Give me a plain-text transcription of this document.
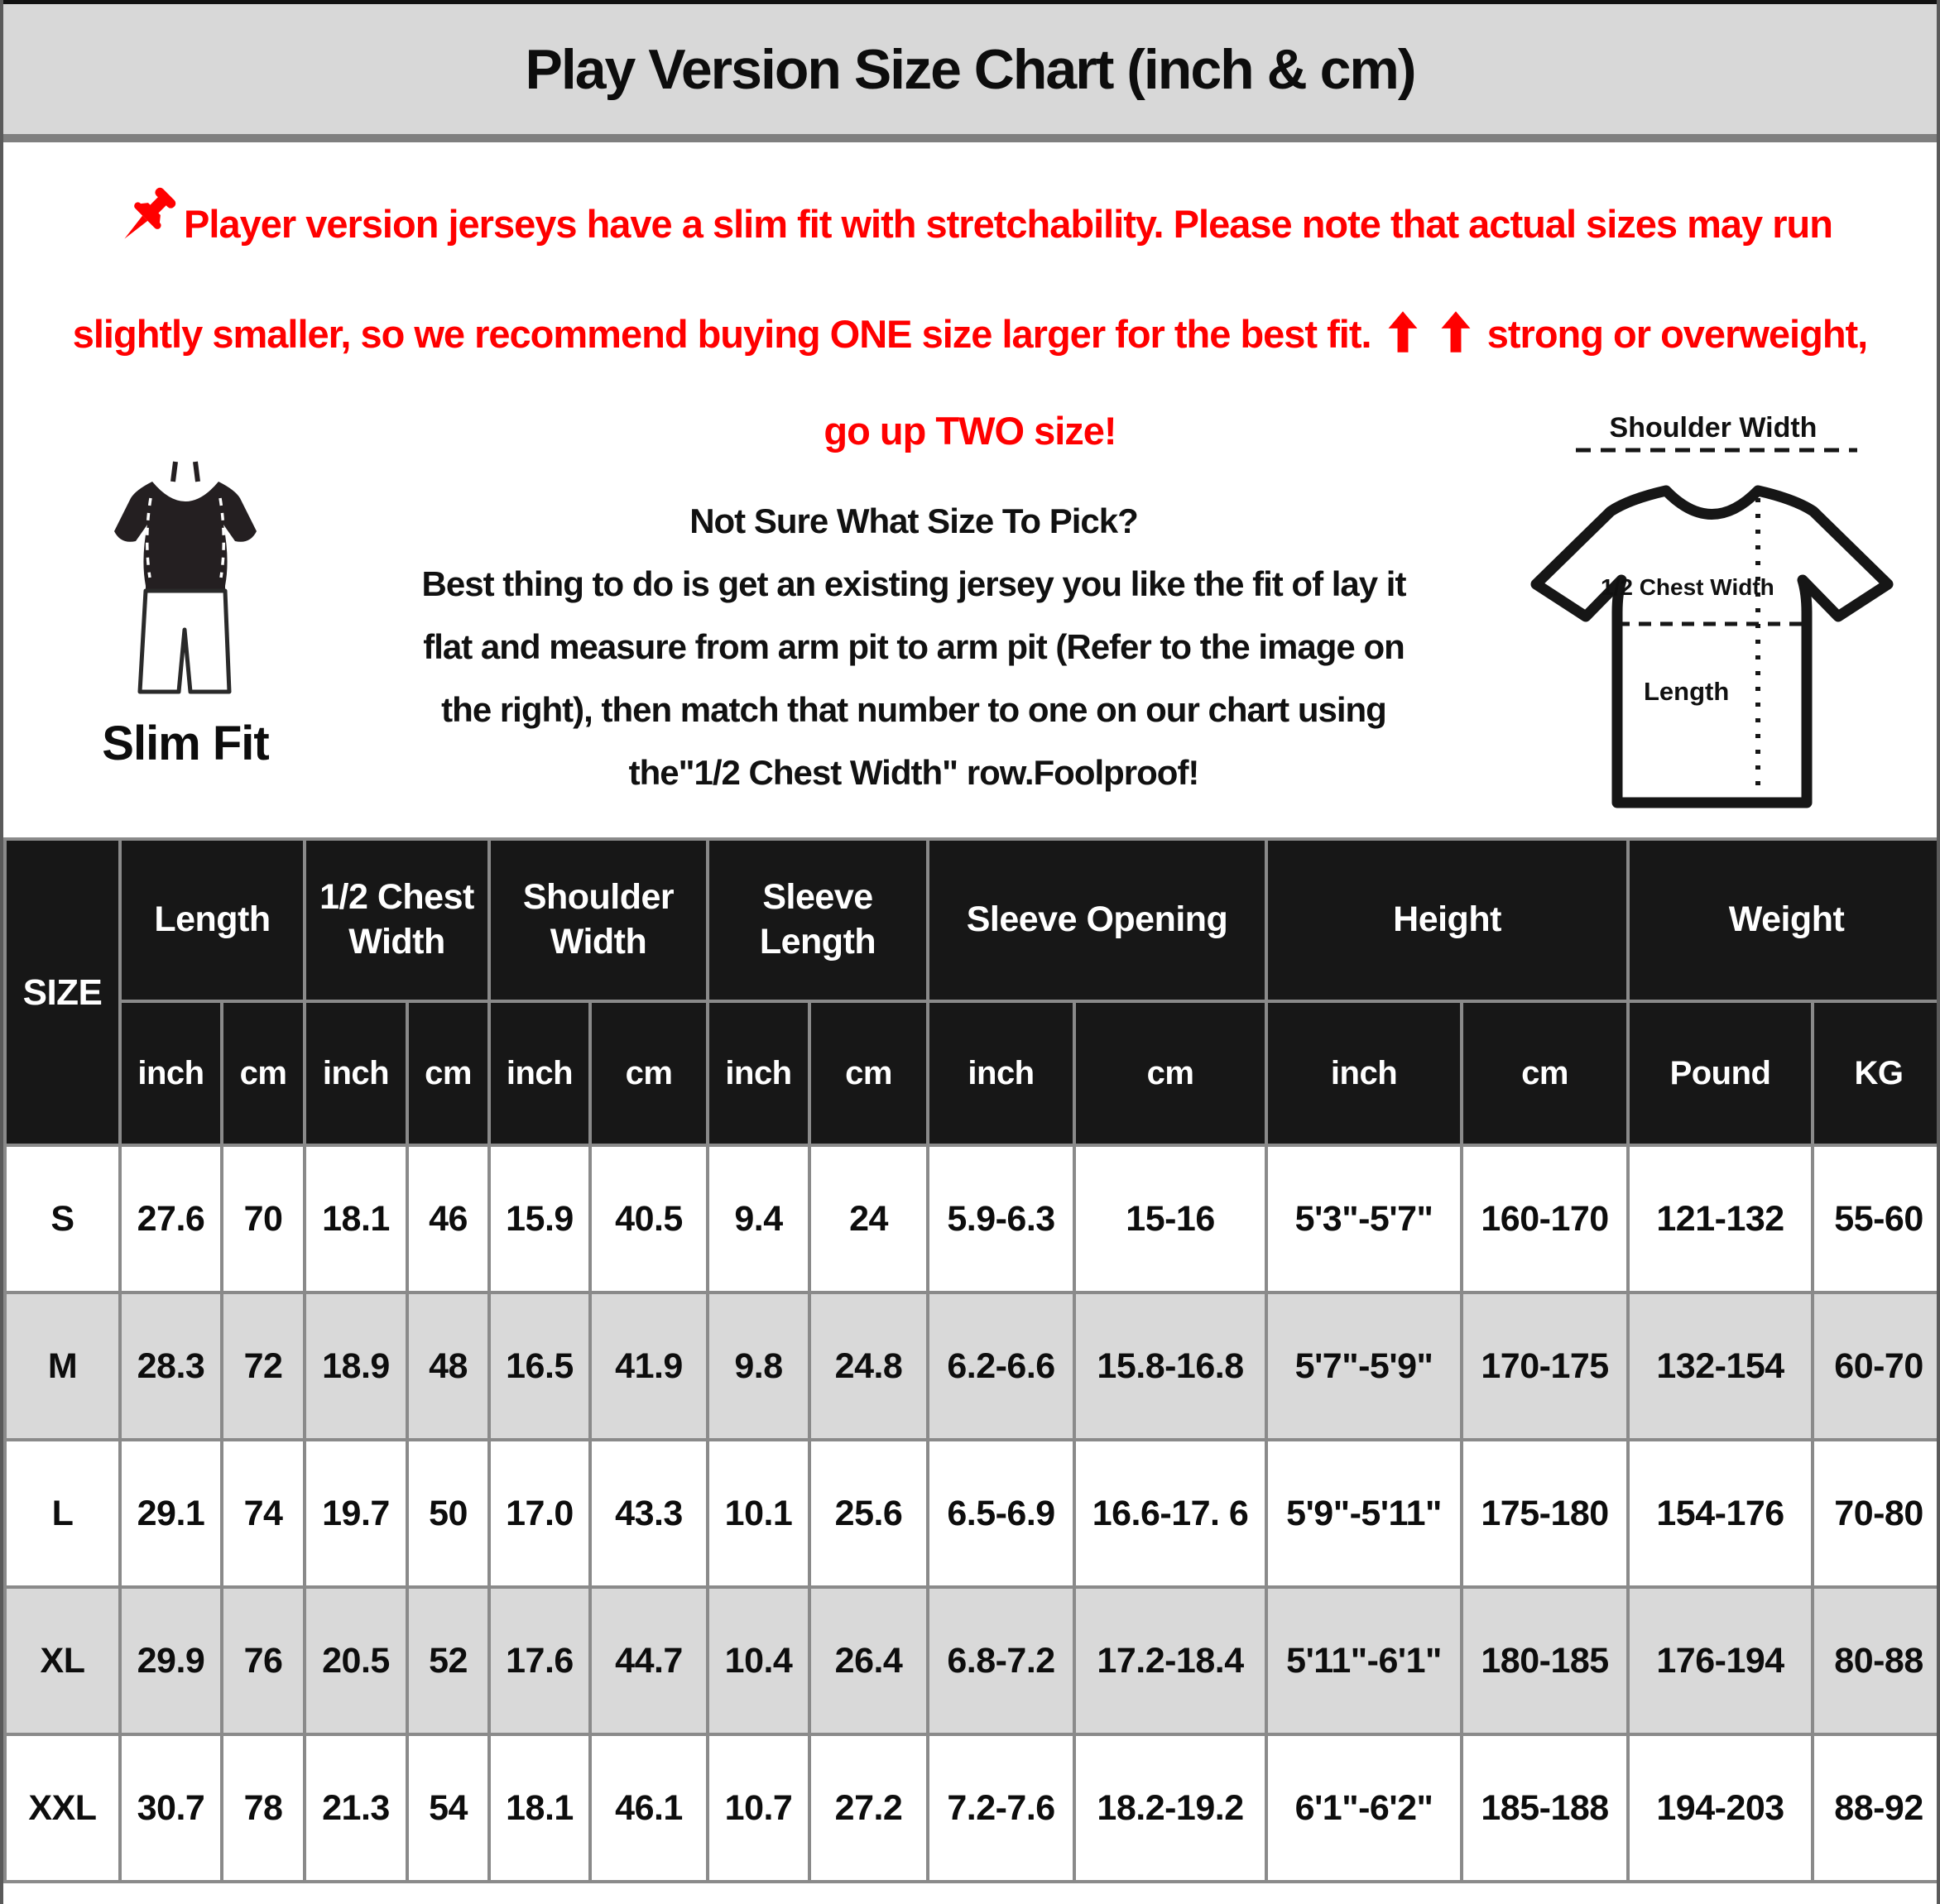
Play Version Size Chart (inch & cm)
Player version jerseys have a slim fit with stretchability. Please note that actual sizes may run
slightly smaller, so we recommend buying ONE size larger for the best fit.	strong or overweight,
go up TWO size!
Slim Fit
Not Sure What Size To Pick?
Best thing to do is get an existing jersey you like the fit of lay it
flat and measure from arm pit to arm pit (Refer to the image on
the right), then match that number to one on our chart using
the"1/2 Chest Width" row.Foolproof!
Shoulder Width
1/2 Chest Width
Length
SIZE	Length		1/2 Chest Width		Shoulder Width		Sleeve Length		Sleeve Opening		Height		Weight	
	inch	cm	inch	cm	inch	cm	inch	cm	inch	cm	inch	cm	Pound	KG
S	27.6	70	18.1	46	15.9	40.5	9.4	24	5.9-6.3	15-16	5'3"-5'7"	160-170	121-132	55-60
M	28.3	72	18.9	48	16.5	41.9	9.8	24.8	6.2-6.6	15.8-16.8	5'7"-5'9"	170-175	132-154	60-70
L	29.1	74	19.7	50	17.0	43.3	10.1	25.6	6.5-6.9	16.6-17. 6	5'9"-5'11"	175-180	154-176	70-80
XL	29.9	76	20.5	52	17.6	44.7	10.4	26.4	6.8-7.2	17.2-18.4	5'11"-6'1"	180-185	176-194	80-88
XXL	30.7	78	21.3	54	18.1	46.1	10.7	27.2	7.2-7.6	18.2-19.2	6'1"-6'2"	185-188	194-203	88-92
